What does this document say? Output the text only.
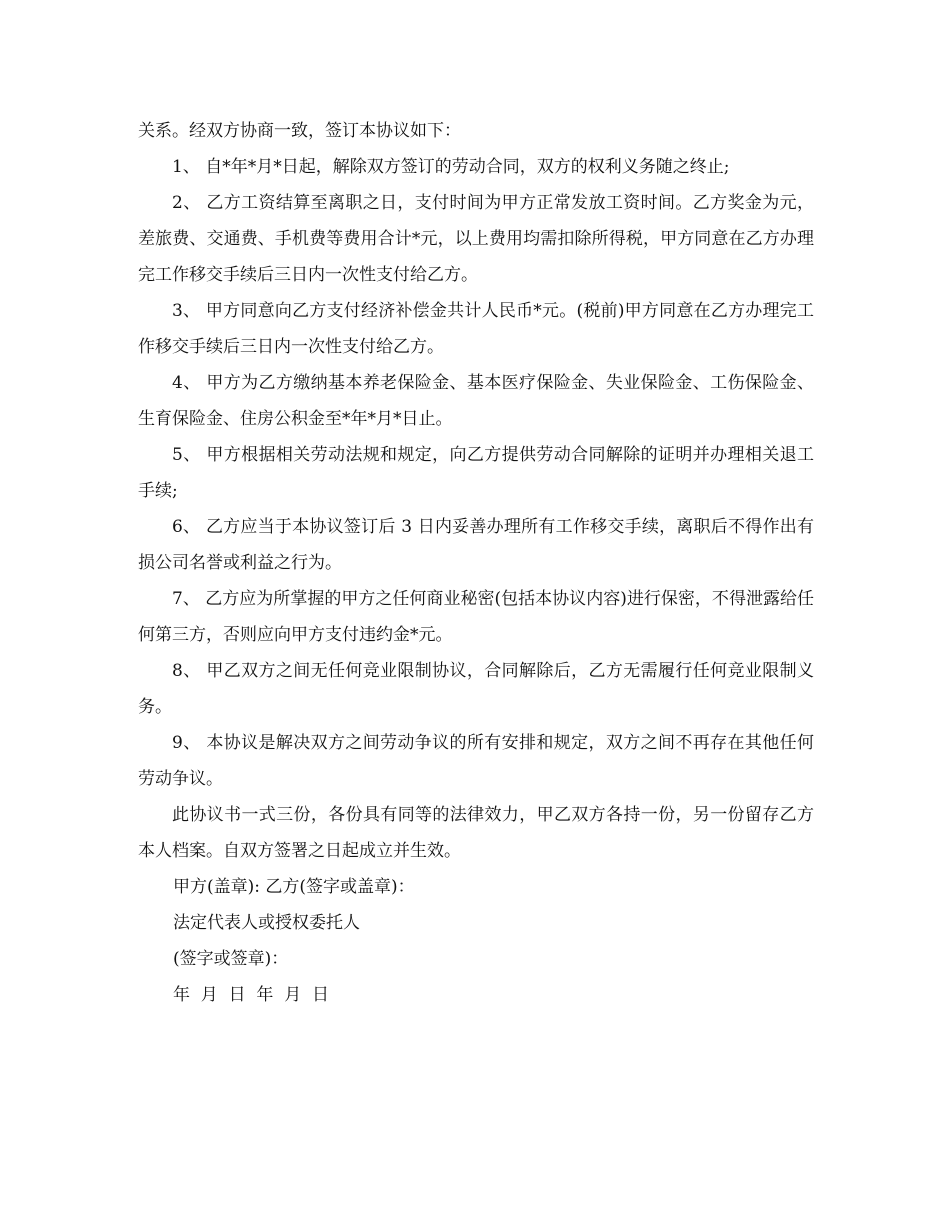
关系。经双方协商一致，签订本协议如下：

1、 自*年*月*日起，解除双方签订的劳动合同，双方的权利义务随之终止;

2、 乙方工资结算至离职之日，支付时间为甲方正常发放工资时间。乙方奖金为元，差旅费、交通费、手机费等费用合计*元，以上费用均需扣除所得税，甲方同意在乙方办理完工作移交手续后三日内一次性支付给乙方。

3、 甲方同意向乙方支付经济补偿金共计人民币*元。(税前)甲方同意在乙方办理完工作移交手续后三日内一次性支付给乙方。

4、 甲方为乙方缴纳基本养老保险金、基本医疗保险金、失业保险金、工伤保险金、生育保险金、住房公积金至*年*月*日止。

5、 甲方根据相关劳动法规和规定，向乙方提供劳动合同解除的证明并办理相关退工手续;

6、 乙方应当于本协议签订后 3 日内妥善办理所有工作移交手续，离职后不得作出有损公司名誉或利益之行为。

7、 乙方应为所掌握的甲方之任何商业秘密(包括本协议内容)进行保密，不得泄露给任何第三方，否则应向甲方支付违约金*元。

8、 甲乙双方之间无任何竞业限制协议，合同解除后，乙方无需履行任何竞业限制义务。

9、 本协议是解决双方之间劳动争议的所有安排和规定，双方之间不再存在其他任何劳动争议。

此协议书一式三份，各份具有同等的法律效力，甲乙双方各持一份，另一份留存乙方本人档案。自双方签署之日起成立并生效。

甲方(盖章): 乙方(签字或盖章)：

法定代表人或授权委托人

(签字或签章)：

年  月  日  年  月  日
